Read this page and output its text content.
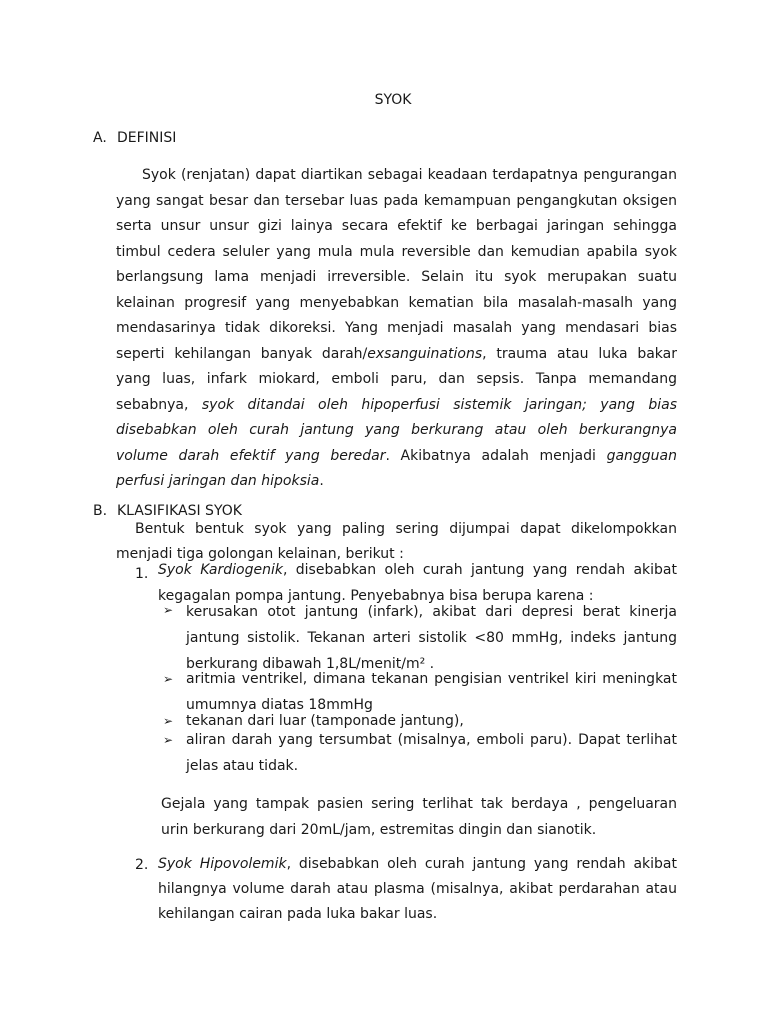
SYOK
A. DEFINISI

Syok (renjatan) dapat diartikan sebagai keadaan terdapatnya pengurangan yang sangat besar dan tersebar luas pada kemampuan pengangkutan oksigen serta unsur unsur gizi lainya secara efektif ke berbagai jaringan sehingga timbul cedera seluler yang mula mula reversible dan kemudian apabila syok berlangsung lama menjadi irreversible. Selain itu syok merupakan suatu kelainan progresif yang menyebabkan kematian bila masalah-masalh yang mendasarinya tidak dikoreksi. Yang menjadi masalah yang mendasari bias seperti kehilangan banyak darah/exsanguinations, trauma atau luka bakar yang luas, infark miokard, emboli paru, dan sepsis. Tanpa memandang sebabnya, syok ditandai oleh hipoperfusi sistemik jaringan; yang bias disebabkan oleh curah jantung yang berkurang atau oleh berkurangnya volume darah efektif yang beredar. Akibatnya adalah menjadi gangguan perfusi jaringan dan hipoksia.

B. KLASIFIKASI SYOK

Bentuk bentuk syok yang paling sering dijumpai dapat dikelompokkan menjadi tiga golongan kelainan, berikut :

1. Syok Kardiogenik, disebabkan oleh curah jantung yang rendah akibat kegagalan pompa jantung. Penyebabnya bisa berupa karena :

➢ kerusakan otot jantung (infark), akibat dari depresi berat kinerja jantung sistolik. Tekanan arteri sistolik <80 mmHg, indeks jantung berkurang dibawah 1,8L/menit/m² .

➢ aritmia ventrikel, dimana tekanan pengisian ventrikel kiri meningkat umumnya diatas 18mmHg

➢ tekanan dari luar (tamponade jantung),

➢ aliran darah yang tersumbat (misalnya, emboli paru). Dapat terlihat jelas atau tidak.

Gejala yang tampak pasien sering terlihat tak berdaya , pengeluaran urin berkurang dari 20mL/jam, estremitas dingin dan sianotik.

2. Syok Hipovolemik, disebabkan oleh curah jantung yang rendah akibat hilangnya volume darah atau plasma (misalnya, akibat perdarahan atau kehilangan cairan pada luka bakar luas.
